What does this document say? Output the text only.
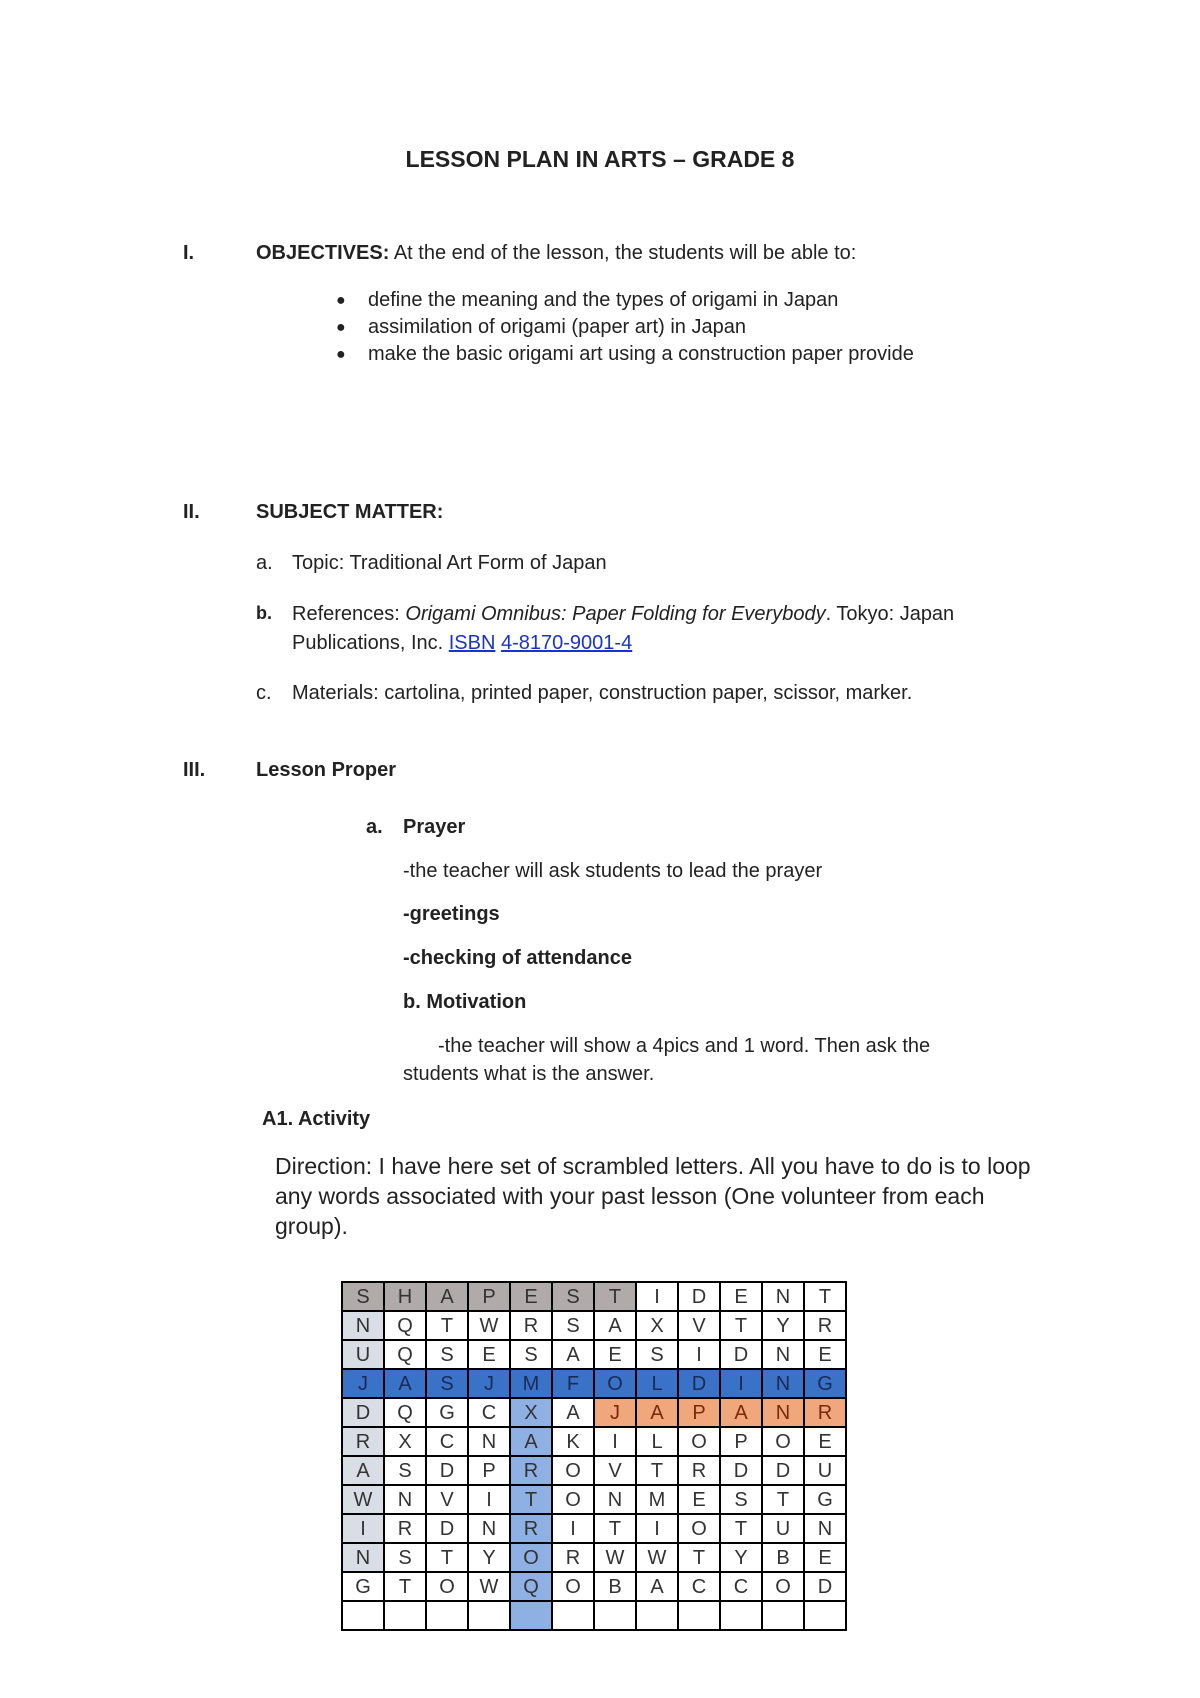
LESSON PLAN IN ARTS – GRADE 8
I.	OBJECTIVES: At the end of the lesson, the students will be able to:
● define the meaning and the types of origami in Japan
● assimilation of origami (paper art) in Japan
● make the basic origami art using a construction paper provide
II.	SUBJECT MATTER:
a. Topic: Traditional Art Form of Japan
b. References: Origami Omnibus: Paper Folding for Everybody. Tokyo: Japan
Publications, Inc. ISBN 4-8170-9001-4
c. Materials: cartolina, printed paper, construction paper, scissor, marker.
III.	Lesson Proper
a. Prayer
-the teacher will ask students to lead the prayer
-greetings
-checking of attendance
b. Motivation
-the teacher will show a 4pics and 1 word. Then ask the
students what is the answer.
A1. Activity
Direction: I have here set of scrambled letters. All you have to do is to loop any words associated with your past lesson (One volunteer from each group).
S	H	A	P	E	S	T	I	D	E	N	T
N	Q	T	W	R	S	A	X	V	T	Y	R
U	Q	S	E	S	A	E	S	I	D	N	E
J	A	S	J	M	F	O	L	D	I	N	G
D	Q	G	C	X	A	J	A	P	A	N	R
R	X	C	N	A	K	I	L	O	P	O	E
A	S	D	P	R	O	V	T	R	D	D	U
W	N	V	I	T	O	N	M	E	S	T	G
I	R	D	N	R	I	T	I	O	T	U	N
N	S	T	Y	O	R	W	W	T	Y	B	E
G	T	O	W	Q	O	B	A	C	C	O	D
